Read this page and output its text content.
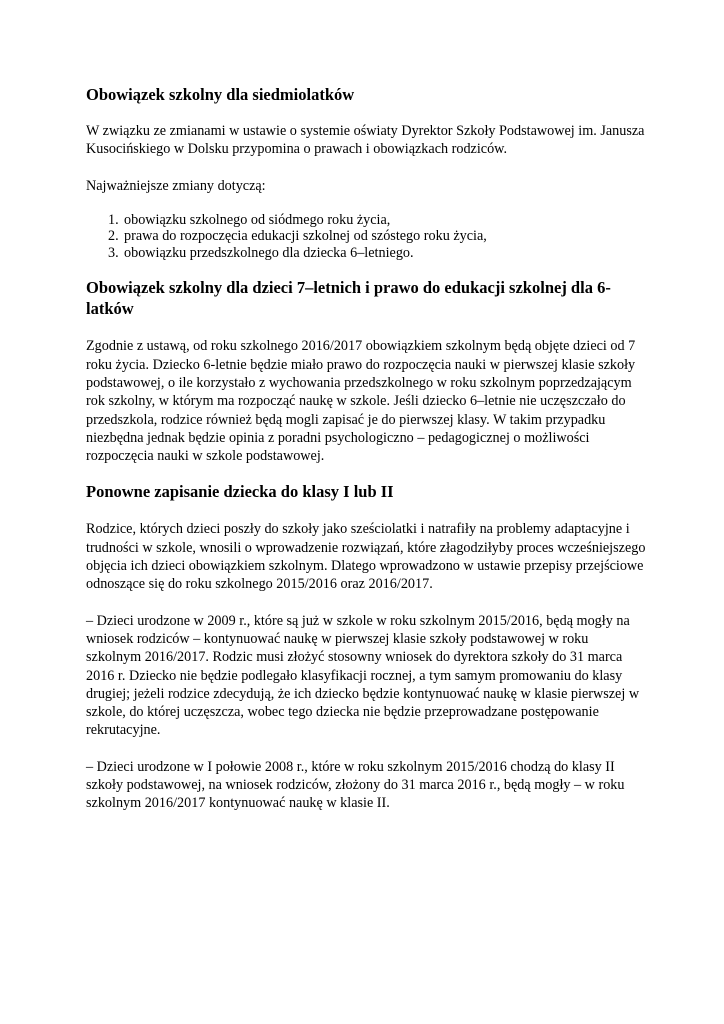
Obowiązek szkolny dla siedmiolatków

W związku ze zmianami w ustawie o systemie oświaty Dyrektor Szkoły Podstawowej im. Janusza Kusocińskiego w Dolsku przypomina o prawach i obowiązkach rodziców.

Najważniejsze zmiany dotyczą:

1. obowiązku szkolnego od siódmego roku życia,
2. prawa do rozpoczęcia edukacji szkolnej od szóstego roku życia,
3. obowiązku przedszkolnego dla dziecka 6–letniego.
Obowiązek szkolny dla dzieci 7–letnich i prawo do edukacji szkolnej dla 6-latków

Zgodnie z ustawą, od roku szkolnego 2016/2017 obowiązkiem szkolnym będą objęte dzieci od 7 roku życia. Dziecko 6-letnie będzie miało prawo do rozpoczęcia nauki w pierwszej klasie szkoły podstawowej, o ile korzystało z wychowania przedszkolnego w roku szkolnym poprzedzającym rok szkolny, w którym ma rozpocząć naukę w szkole. Jeśli dziecko 6–letnie nie uczęszczało do przedszkola, rodzice również będą mogli zapisać je do pierwszej klasy. W takim przypadku niezbędna jednak będzie opinia z poradni psychologiczno – pedagogicznej o możliwości rozpoczęcia nauki w szkole podstawowej.

Ponowne zapisanie dziecka do klasy I lub II

Rodzice, których dzieci poszły do szkoły jako sześciolatki i natrafiły na problemy adaptacyjne i trudności w szkole, wnosili o wprowadzenie rozwiązań, które złagodziłyby proces wcześniejszego objęcia ich dzieci obowiązkiem szkolnym. Dlatego wprowadzono w ustawie przepisy przejściowe odnoszące się do roku szkolnego 2015/2016 oraz 2016/2017.

– Dzieci urodzone w 2009 r., które są już w szkole w roku szkolnym 2015/2016, będą mogły na wniosek rodziców – kontynuować naukę w pierwszej klasie szkoły podstawowej w roku szkolnym 2016/2017. Rodzic musi złożyć stosowny wniosek do dyrektora szkoły do 31 marca 2016 r. Dziecko nie będzie podlegało klasyfikacji rocznej, a tym samym promowaniu do klasy drugiej; jeżeli rodzice zdecydują, że ich dziecko będzie kontynuować naukę w klasie pierwszej w szkole, do której uczęszcza, wobec tego dziecka nie będzie przeprowadzane postępowanie rekrutacyjne.

– Dzieci urodzone w I połowie 2008 r., które w roku szkolnym 2015/2016 chodzą do klasy II szkoły podstawowej, na wniosek rodziców, złożony do 31 marca 2016 r., będą mogły – w roku szkolnym 2016/2017 kontynuować naukę w klasie II.
